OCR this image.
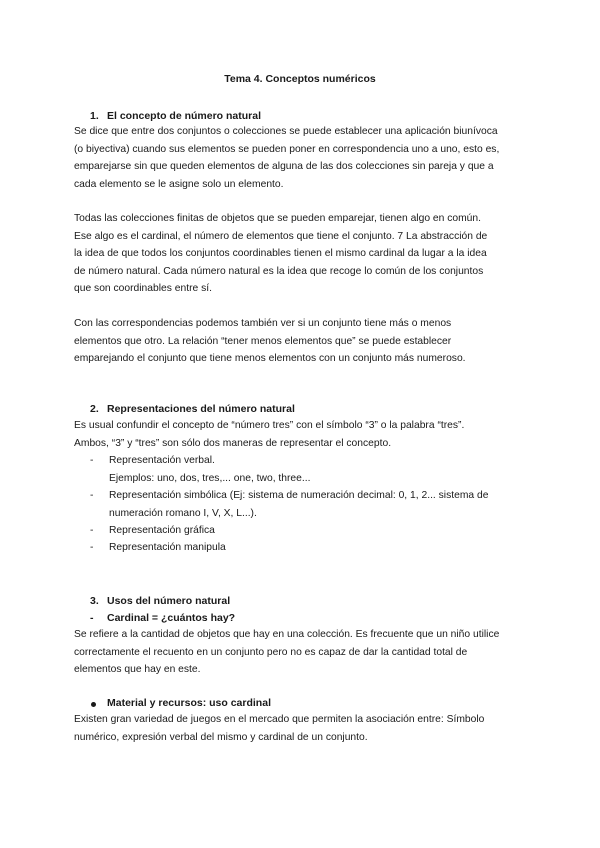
Tema 4. Conceptos numéricos
1. El concepto de número natural
Se dice que entre dos conjuntos o colecciones se puede establecer una aplicación biunívoca
(o biyectiva) cuando sus elementos se pueden poner en correspondencia uno a uno, esto es,
emparejarse sin que queden elementos de alguna de las dos colecciones sin pareja y que a
cada elemento se le asigne solo un elemento.
Todas las colecciones finitas de objetos que se pueden emparejar, tienen algo en común.
Ese algo es el cardinal, el número de elementos que tiene el conjunto. 7 La abstracción de
la idea de que todos los conjuntos coordinables tienen el mismo cardinal da lugar a la idea
de número natural. Cada número natural es la idea que recoge lo común de los conjuntos
que son coordinables entre sí.
Con las correspondencias podemos también ver si un conjunto tiene más o menos
elementos que otro. La relación “tener menos elementos que” se puede establecer
emparejando el conjunto que tiene menos elementos con un conjunto más numeroso.
2. Representaciones del número natural
Es usual confundir el concepto de “número tres” con el símbolo “3” o la palabra “tres”.
Ambos, “3” y “tres” son sólo dos maneras de representar el concepto.
- Representación verbal.
Ejemplos: uno, dos, tres,... one, two, three...
- Representación simbólica (Ej: sistema de numeración decimal: 0, 1, 2... sistema de
numeración romano I, V, X, L...).
- Representación gráfica
- Representación manipula
3. Usos del número natural
- Cardinal = ¿cuántos hay?
Se refiere a la cantidad de objetos que hay en una colección. Es frecuente que un niño utilice
correctamente el recuento en un conjunto pero no es capaz de dar la cantidad total de
elementos que hay en este.
Material y recursos: uso cardinal
Existen gran variedad de juegos en el mercado que permiten la asociación entre: Símbolo
numérico, expresión verbal del mismo y cardinal de un conjunto.
